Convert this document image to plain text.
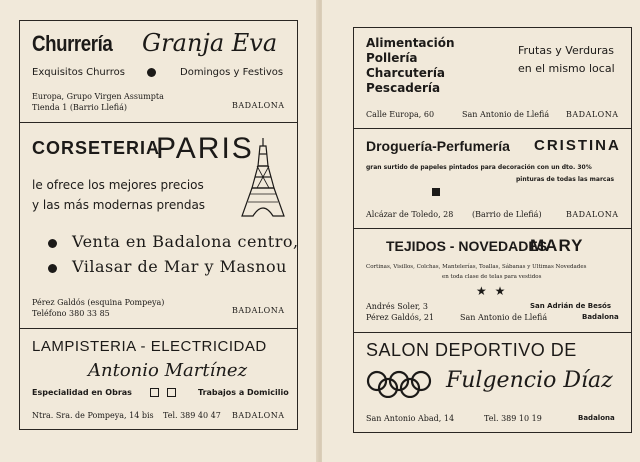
Churrería Granja Eva
Exquisitos Churros	Domingos y Festivos
Europa, Grupo Virgen Assumpta
Tienda 1 (Barrio Llefiá)	BADALONA
CORSETERIA
PARIS
le ofrece los mejores precios
y las más modernas prendas
Venta en Badalona centro,
Vilasar de Mar y Masnou
Pérez Galdós (esquina Pompeya)
Teléfono 380 33 85	BADALONA
LAMPISTERIA - ELECTRICIDAD
Antonio Martínez
Especialidad en Obras	Trabajos a Domicilio
Ntra. Sra. de Pompeya, 14 bis Tel. 389 40 47 BADALONA
Alimentación
Pollería
Charcutería
Pescadería
Frutas y Verduras
en el mismo local
Calle Europa, 60	San Antonio de Llefiá BADALONA
Droguería-Perfumería CRISTINA
gran surtido de papeles pintados para decoración con un dto. 30%
pinturas de todas las marcas
Alcázar de Toledo, 28 (Barrio de Llefiá)	BADALONA
TEJIDOS - NOVEDADES
MARY
Cortinas, Visillos, Colchas, Mantelerías, Toallas, Sábanas y Ultimas Novedades
en toda clase de telas para vestidos
★ ★
Andrés Soler, 3
Pérez Galdós, 21	San Antonio de Llefiá
San Adrián de Besós
Badalona
SALON DEPORTIVO DE
Fulgencio Díaz
San Antonio Abad, 14	Tel. 389 10 19	Badalona
